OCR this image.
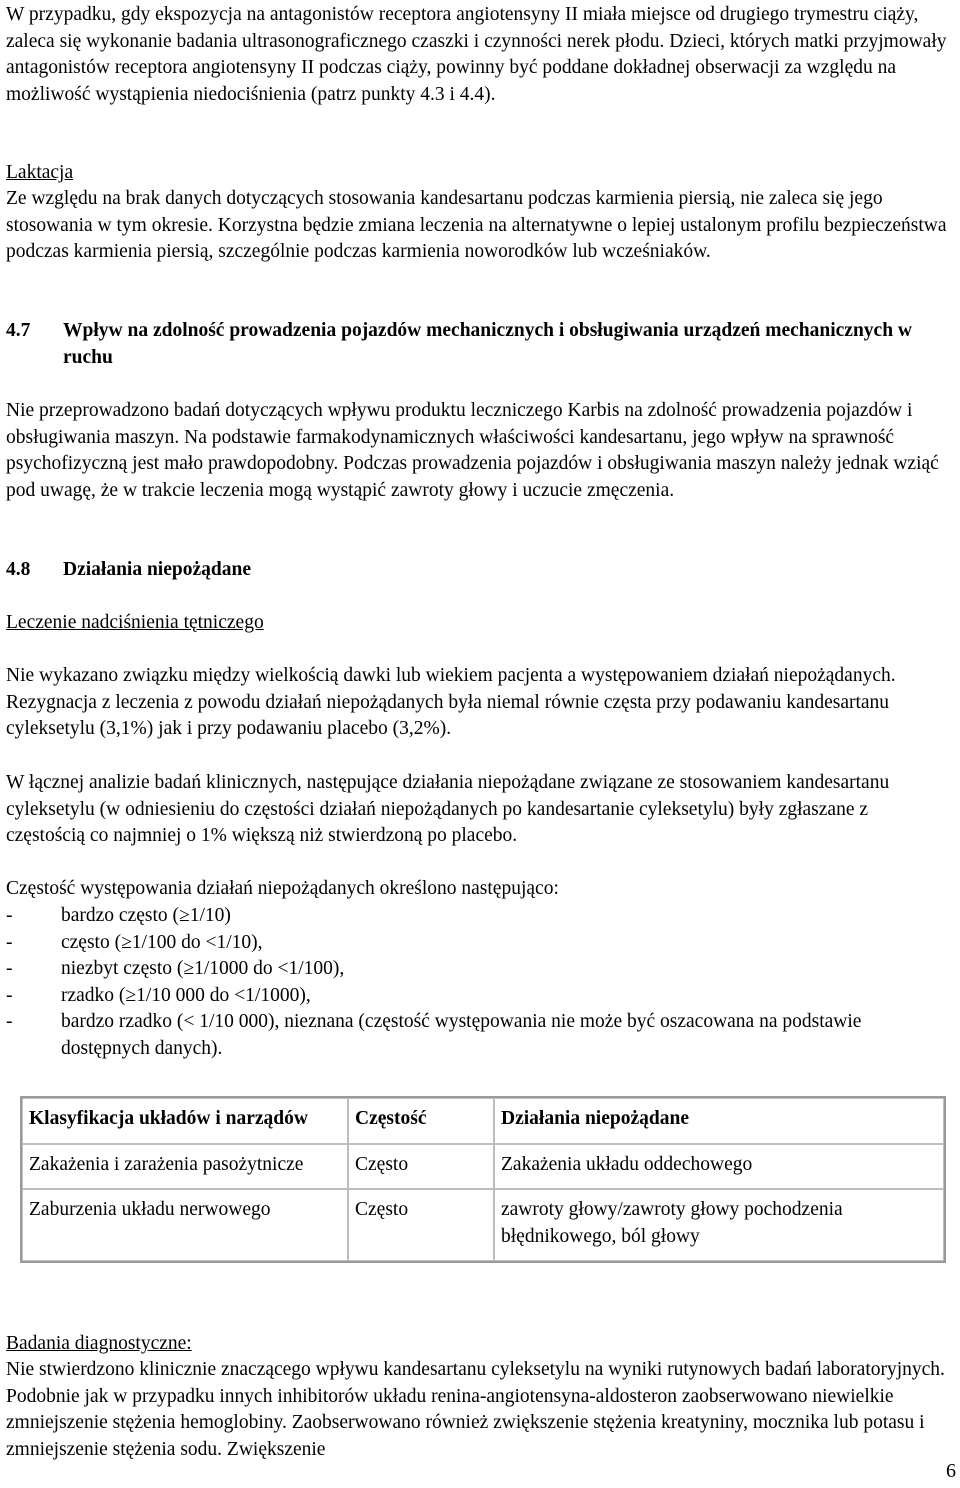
W przypadku, gdy ekspozycja na antagonistów receptora angiotensyny II miała miejsce od drugiego trymestru ciąży, zaleca się wykonanie badania ultrasonograficznego czaszki i czynności nerek płodu. Dzieci, których matki przyjmowały antagonistów receptora angiotensyny II podczas ciąży, powinny być poddane dokładnej obserwacji za względu na możliwość wystąpienia niedociśnienia (patrz punkty 4.3 i 4.4).

Laktacja

Ze względu na brak danych dotyczących stosowania kandesartanu podczas karmienia piersią, nie zaleca się jego stosowania w tym okresie. Korzystna będzie zmiana leczenia na alternatywne o lepiej ustalonym profilu bezpieczeństwa podczas karmienia piersią, szczególnie podczas karmienia noworodków lub wcześniaków.

4.7 Wpływ na zdolność prowadzenia pojazdów mechanicznych i obsługiwania urządzeń mechanicznych w ruchu

Nie przeprowadzono badań dotyczących wpływu produktu leczniczego Karbis na zdolność prowadzenia pojazdów i obsługiwania maszyn. Na podstawie farmakodynamicznych właściwości kandesartanu, jego wpływ na sprawność psychofizyczną jest mało prawdopodobny. Podczas prowadzenia pojazdów i obsługiwania maszyn należy jednak wziąć pod uwagę, że w trakcie leczenia mogą wystąpić zawroty głowy i uczucie zmęczenia.

4.8 Działania niepożądane

Leczenie nadciśnienia tętniczego

Nie wykazano związku między wielkością dawki lub wiekiem pacjenta a występowaniem działań niepożądanych. Rezygnacja z leczenia z powodu działań niepożądanych była niemal równie częsta przy podawaniu kandesartanu cyleksetylu (3,1%) jak i przy podawaniu placebo (3,2%).

W łącznej analizie badań klinicznych, następujące działania niepożądane związane ze stosowaniem kandesartanu cyleksetylu (w odniesieniu do częstości działań niepożądanych po kandesartanie cyleksetylu) były zgłaszane z częstością co najmniej o 1% większą niż stwierdzoną po placebo.

Częstość występowania działań niepożądanych określono następująco:

- bardzo często (≥1/10)
- często (≥1/100 do <1/10),
- niezbyt często (≥1/1000 do <1/100),
- rzadko (≥1/10 000 do <1/1000),
- bardzo rzadko (< 1/10 000), nieznana (częstość występowania nie może być oszacowana na podstawie dostępnych danych).
Klasyfikacja układów i narządów	Częstość	Działania niepożądane
Zakażenia i zarażenia pasożytnicze	Często	Zakażenia układu oddechowego
Zaburzenia układu nerwowego	Często	zawroty głowy/zawroty głowy pochodzenia błędnikowego, ból głowy

Badania diagnostyczne:

Nie stwierdzono klinicznie znaczącego wpływu kandesartanu cyleksetylu na wyniki rutynowych badań laboratoryjnych. Podobnie jak w przypadku innych inhibitorów układu renina-angiotensyna-aldosteron zaobserwowano niewielkie zmniejszenie stężenia hemoglobiny. Zaobserwowano również zwiększenie stężenia kreatyniny, mocznika lub potasu i zmniejszenie stężenia sodu. Zwiększenie

6
